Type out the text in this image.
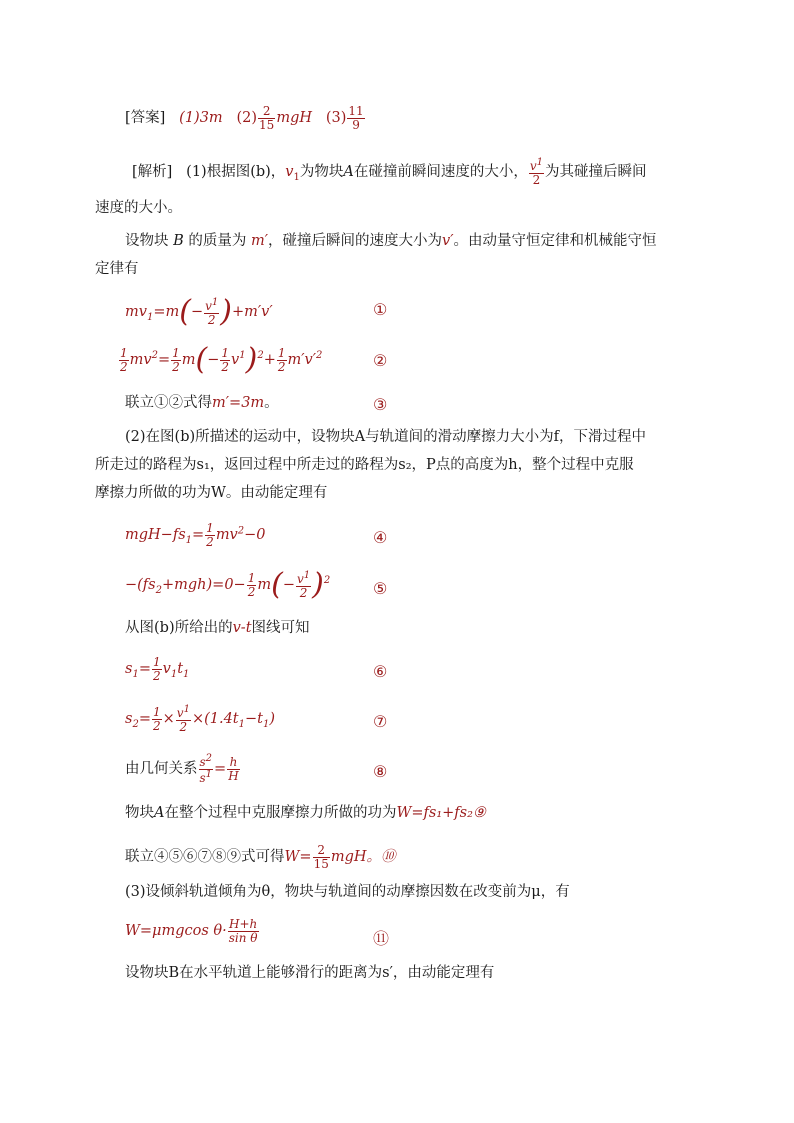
[答案] (1)3m $(2) \frac{2}{15}$ mgH $(3) \frac{11}{9}$
[解析] (1)根据图(b)，$v_1$为物块A在碰撞前瞬间速度的大小， $\frac{v^1}{2}$ 为其碰撞后瞬间
速度的大小。
设物块 B 的质量为 m′，碰撞后瞬间的速度大小为v′。由动量守恒定律和机械能守恒
定律有
$mv_1=m(- \frac{v^1}{2} )+m'v'$	①
$\frac{1}{2} mv^2= \frac{1}{2} m(- \frac{1}{2} v^1)^2+ \frac{1}{2} m'v'^2$	②
联立①②式得m′=3m。	③
(2)在图(b)所描述的运动中，设物块A与轨道间的滑动摩擦力大小为f，下滑过程中
所走过的路程为s₁，返回过程中所走过的路程为s₂，P点的高度为h，整个过程中克服
摩擦力所做的功为W。由动能定理有
$mgH-fs_1= \frac{1}{2} mv^2-0$	④
$-(fs_2+mgh)=0- \frac{1}{2} m(- \frac{v^1}{2} )^2$	⑤
从图(b)所给出的v-t图线可知
$s_1= \frac{1}{2} v_1t_1$	⑥
$s_2= \frac{1}{2} \times \frac{v^1}{2} \times(1.4t_1-t_1)$	⑦
由几何关系 $\frac{s^2}{s^1} = \frac{h}{H}$	⑧
物块A在整个过程中克服摩擦力所做的功为W=fs₁+fs₂⑨
联立④⑤⑥⑦⑧⑨式可得$W= \frac{2}{15}$ mgH。⑩
(3)设倾斜轨道倾角为θ，物块与轨道间的动摩擦因数在改变前为μ，有
W=μmgcos $\theta\cdot \frac{H+h}{\text{sin θ}}$	⑪
设物块B在水平轨道上能够滑行的距离为s′，由动能定理有
